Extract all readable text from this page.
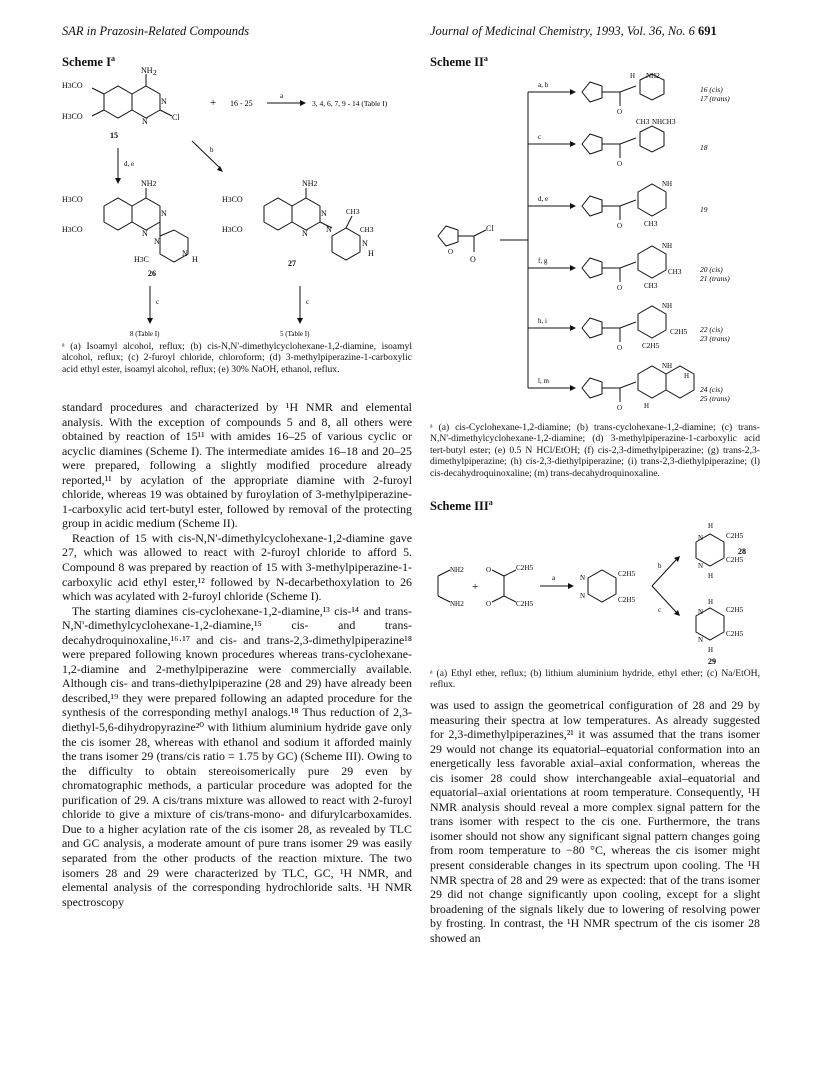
SAR in Prazosin-Related Compounds	Journal of Medicinal Chemistry, 1993, Vol. 36, No. 6 691
Scheme $I^a$
NH 2
H3CO
H3CO
N
N	Cl
15
+ 16 - 25
a
3, 4, 6, 7, 9 - 14 (Table I)
d, e
b
NH2
H3CO
H3CO
N
N
N
N
H
H3C
26
NH2
H3CO
H3CO
N
N N
CH3
CH3
N
H
27
c	c
8 (Table I)	5 (Table I)
ᵃ (a) Isoamyl alcohol, reflux; (b) cis-N,N'-dimethylcyclohexane-1,2-diamine, isoamyl alcohol, reflux; (c) 2-furoyl chloride, chloroform; (d) 3-methylpiperazine-1-carboxylic acid ethyl ester, isoamyl alcohol, reflux; (e) 30% NaOH, ethanol, reflux.

standard procedures and characterized by ¹H NMR and elemental analysis. With the exception of compounds 5 and 8, all others were obtained by reaction of 15¹¹ with amides 16–25 of various cyclic or acyclic diamines (Scheme I). The intermediate amides 16–18 and 20–25 were prepared, following a slightly modified procedure already reported,¹¹ by acylation of the appropriate diamine with 2-furoyl chloride, whereas 19 was obtained by furoylation of 3-methylpiperazine-1-carboxylic acid tert-butyl ester, followed by removal of the protecting group in acidic medium (Scheme II).

Reaction of 15 with cis-N,N'-dimethylcyclohexane-1,2-diamine gave 27, which was allowed to react with 2-furoyl chloride to afford 5. Compound 8 was prepared by reaction of 15 with 3-methylpiperazine-1-carboxylic acid ethyl ester,¹² followed by N-decarbethoxylation to 26 which was acylated with 2-furoyl chloride (Scheme I).

The starting diamines cis-cyclohexane-1,2-diamine,¹³ cis-¹⁴ and trans-N,N'-dimethylcyclohexane-1,2-diamine,¹⁵ cis- and trans-decahydroquinoxaline,¹⁶·¹⁷ and cis- and trans-2,3-dimethylpiperazine¹⁸ were prepared following known procedures whereas trans-cyclohexane-1,2-diamine and 2-methylpiperazine were commercially available. Although cis- and trans-diethylpiperazine (28 and 29) have already been described,¹⁹ they were prepared following an adapted procedure for the synthesis of the corresponding methyl analogs.¹⁸ Thus reduction of 2,3-diethyl-5,6-dihydropyrazine²⁰ with lithium aluminium hydride gave only the cis isomer 28, whereas with ethanol and sodium it afforded mainly the trans isomer 29 (trans/cis ratio = 1.75 by GC) (Scheme III). Owing to the difficulty to obtain stereoisomerically pure 29 even by chromatographic methods, a particular procedure was adopted for the purification of 29. A cis/trans mixture was allowed to react with 2-furoyl chloride to give a mixture of cis/trans-mono- and difurylcarboxamides. Due to a higher acylation rate of the cis isomer 28, as revealed by TLC and GC analysis, a moderate amount of pure trans isomer 29 was easily separated from the other products of the reaction mixture. The two isomers 28 and 29 were characterized by TLC, GC, ¹H NMR, and elemental analysis of the corresponding hydrochloride salts. ¹H NMR spectroscopy

Scheme $II^a$
Cl
O
O
a, b
c
d, e
f, g
h, i
l, m
H NH2
O
CH3 NHCH3
O
NH
O	CH3
NH
CH3
O	CH3
NH
C2H5
O	C2H5
NH
H
O	H
16 (cis) 17 (trans)
18
19
20 (cis) 21 (trans)
22 (cis) 23 (trans)
24 (cis) 25 (trans)
ᵃ (a) cis-Cyclohexane-1,2-diamine; (b) trans-cyclohexane-1,2-diamine; (c) trans-N,N'-dimethylcyclohexane-1,2-diamine; (d) 3-methylpiperazine-1-carboxylic acid tert-butyl ester; (e) 0.5 N HCl/EtOH; (f) cis-2,3-dimethylpiperazine; (g) trans-2,3-dimethylpiperazine; (h) cis-2,3-diethylpiperazine; (i) trans-2,3-diethylpiperazine; (l) cis-decahydroquinoxaline; (m) trans-decahydroquinoxaline.
Scheme III$^a$
NH2
NH2
+
O	C2H5
O	C2H5
N
N
C2H5
C2H5
H
N	C2H5
C2H5
N
H
H
N	C2H5
C2H5
N
H
a
b
c
28
29
ᵃ (a) Ethyl ether, reflux; (b) lithium aluminium hydride, ethyl ether; (c) Na/EtOH, reflux.

was used to assign the geometrical configuration of 28 and 29 by measuring their spectra at low temperatures. As already suggested for 2,3-dimethylpiperazines,²¹ it was assumed that the trans isomer 29 would not change its equatorial–equatorial conformation into an energetically less favorable axial–axial conformation, whereas the cis isomer 28 could show interchangeable axial–equatorial and equatorial–axial orientations at room temperature. Consequently, ¹H NMR analysis should reveal a more complex signal pattern for the trans isomer with respect to the cis one. Furthermore, the trans isomer should not show any significant signal pattern changes going from room temperature to −80 °C, whereas the cis isomer might present considerable changes in its spectrum upon cooling. The ¹H NMR spectra of 28 and 29 were as expected: that of the trans isomer 29 did not change significantly upon cooling, except for a slight broadening of the signals likely due to lowering of resolving power by frosting. In contrast, the ¹H NMR spectrum of the cis isomer 28 showed an
